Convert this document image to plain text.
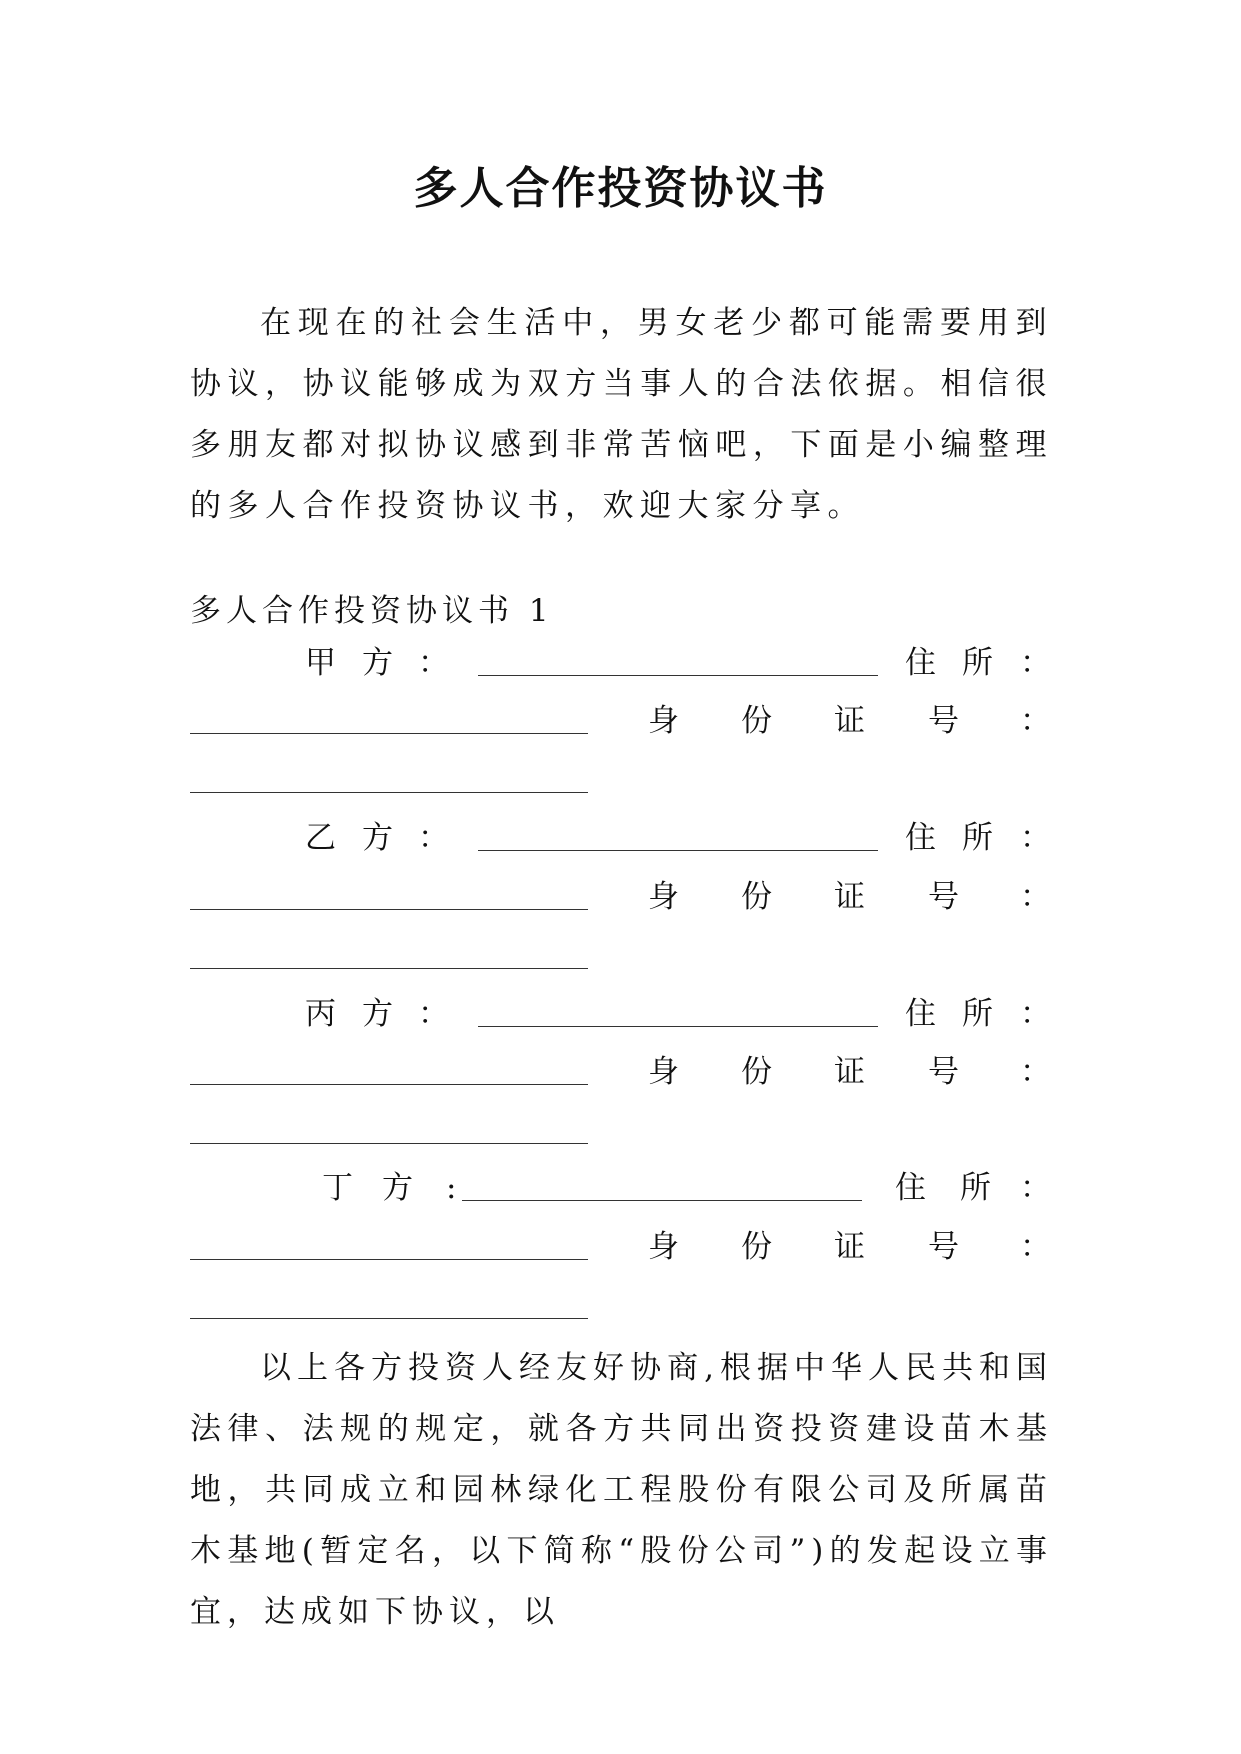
多人合作投资协议书

在现在的社会生活中，男女老少都可能需要用到协议，协议能够成为双方当事人的合法依据。相信很多朋友都对拟协议感到非常苦恼吧，下面是小编整理的多人合作投资协议书，欢迎大家分享。

多人合作投资协议书 1
甲 方 ：	住 所 ：
身 份 证 号 ：
乙 方 ：	住 所 ：
身 份 证 号 ：
丙 方 ：	住 所 ：
身 份 证 号 ：
丁 方 :	住 所 ：
身 份 证 号 ：

以上各方投资人经友好协商,根据中华人民共和国法律、法规的规定，就各方共同出资投资建设苗木基地，共同成立和园林绿化工程股份有限公司及所属苗木基地(暂定名，以下简称“股份公司”)的发起设立事宜，达成如下协议，以
